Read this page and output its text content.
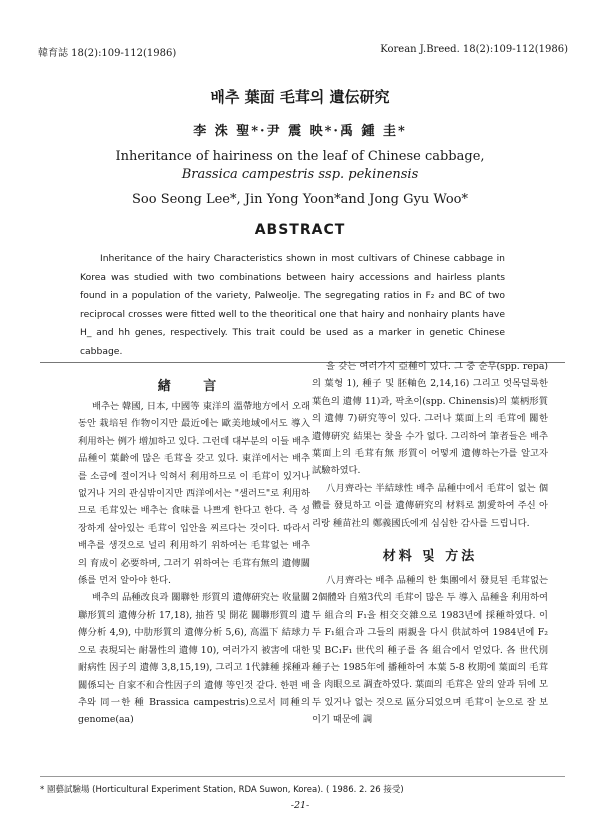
韓育誌 18(2):109-112(1986)	Korean J.Breed. 18(2):109-112(1986)
배추 葉面 毛茸의 遺伝研究
李 洙 聖*·尹 震 映*·禹 鍾 圭*
Inheritance of hairiness on the leaf of Chinese cabbage,
Brassica campestris ssp. pekinensis
Soo Seong Lee*, Jin Yong Yoon*and Jong Gyu Woo*
ABSTRACT

Inheritance of the hairy Characteristics shown in most cultivars of Chinese cabbage in Korea was studied with two combinations between hairy accessions and hairless plants found in a population of the variety, Palweolje. The segregating ratios in F₂ and BC of two reciprocal crosses were fitted well to the theoritical one that hairy and nonhairy plants have H_ and hh genes, respectively. This trait could be used as a marker in genetic Chinese cabbage.

緖 言

배추는 韓國, 日本, 中國等 東洋의 溫帶地方에서 오래동안 栽培된 作物이지만 最近에는 歐美地域에서도 導入 利用하는 例가 增加하고 있다. 그런데 대부분의 이들 배추 品種이 葉齡에 많은 毛茸을 갖고 있다. 東洋에서는 배추를 소금에 절이거나 익혀서 利用하므로 이 毛茸이 있거나 없거나 거의 관심밖이지만 西洋에서는 "샐러드"로 利用하므로 毛茸있는 배추는 食味를 나쁘게 한다고 한다. 즉 성장하게 살아있는 毛茸이 입안을 찌르다는 것이다. 따라서 배추를 생것으로 널리 利用하기 위하여는 毛茸없는 배추의 育成이 必要하며, 그러기 위하여는 毛茸有無의 遺傳關係를 먼저 알아야 한다.

배추의 品種改良과 關聯한 形質의 遺傳硏究는 收量關聯形質의 遺傳分析 17,18), 抽苔 및 開花 關聯形質의 遺傳分析 4,9), 中肋形質의 遺傳分析 5,6), 高溫下 結球力으로 表現되는 耐暑性의 遺傳 10), 여러가지 被害에 대한 耐病性 因子의 遺傳 3,8,15,19), 그리고 1代雜種 採種과 關係되는 自家不和合性因子의 遺傳 等인것 같다. 한편 배추와 同一한 種 Brassica campestris)으로서 同種의 genome(aa)

을 갖는 여러가지 亞種이 있다. 그 중 순무(spp. repa)의 葉형 1), 種子 및 胚軸色 2,14,16) 그리고 엇목덜룩한 葉色의 遺傳 11)과, 팍초이(spp. Chinensis)의 葉柄形質의 遺傳 7)研究等이 있다. 그러나 葉面上의 毛茸에 關한 遺傳硏究 結果는 찾을 수가 없다. 그리하여 筆者들은 배추 葉面上의 毛茸有無 形質이 어떻게 遺傳하는가를 알고자 試驗하였다.

八月齊라는 半結球性 배추 品種中에서 毛茸이 없는 個體를 發見하고 이를 遺傳硏究의 材料로 割愛하여 주신 아리랑 種苗社의 鄭義國氏에게 심심한 감사를 드립니다.

材料 및 方法

八月齊라는 배추 品種의 한 集團에서 發見된 毛茸없는 2個體와 自殖3代의 毛茸이 많은 두 導入 品種을 利用하여 두 組合의 F₁을 相交交雜으로 1983년에 採種하였다. 이두 F₁組合과 그들의 兩親을 다시 供試하여 1984년에 F₂ 및 BC₁F₁ 世代의 種子를 各 組合에서 얻었다. 各 世代別 種子는 1985年에 播種하여 本葉 5-8 枚期에 葉面의 毛茸을 肉眼으로 調査하였다. 葉面의 毛茸은 앞의 앞과 뒤에 모두 있거나 없는 것으로 區分되었으며 毛茸이 눈으로 잘 보이기 때문에 調

* 園藝試驗場 (Horticultural Experiment Station, RDA Suwon, Korea). ( 1986. 2. 26 接受)
-21-
